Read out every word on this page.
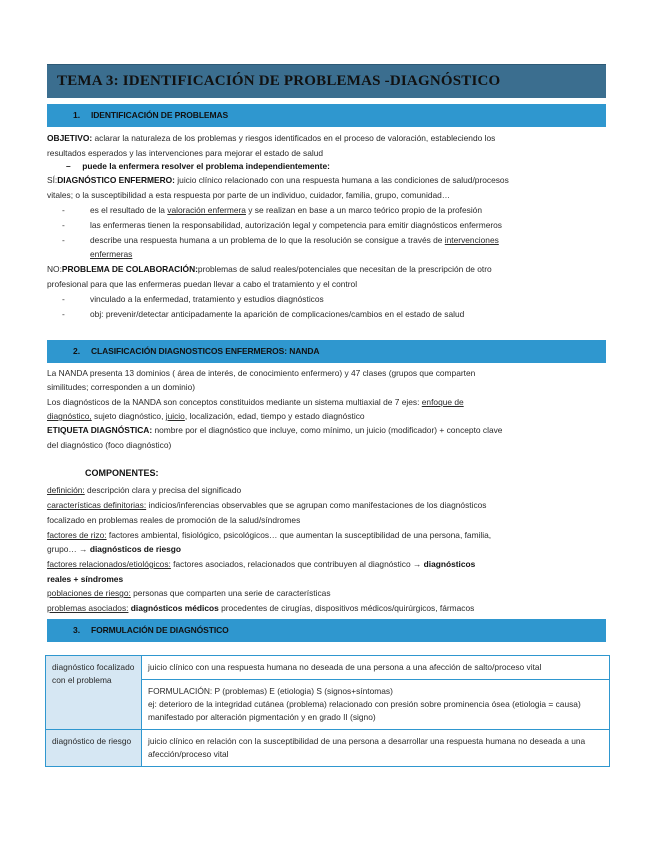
TEMA 3: IDENTIFICACIÓN DE PROBLEMAS -DIAGNÓSTICO
1. IDENTIFICACIÓN DE PROBLEMAS
OBJETIVO: aclarar la naturaleza de los problemas y riesgos identificados en el proceso de valoración, estableciendo los
resultados esperados y las intervenciones para mejorar el estado de salud
–     puede la enfermera resolver el problema independientemente:
SÍ:DIAGNÓSTICO ENFERMERO: juicio clínico relacionado con una respuesta humana a las condiciones de salud/procesos
vitales; o la susceptibilidad a esta respuesta por parte de un individuo, cuidador, familia, grupo, comunidad…
-	es el resultado de la valoración enfermera y se realizan en base a un marco teórico propio de la profesión
-	las enfermeras tienen la responsabilidad, autorización legal y competencia para emitir diagnósticos enfermeros
-	describe una respuesta humana a un problema de lo que la resolución se consigue a través de intervenciones
enfermeras
NO:PROBLEMA DE COLABORACIÓN:problemas de salud reales/potenciales que necesitan de la prescripción de otro
profesional para que las enfermeras puedan llevar a cabo el tratamiento y el control
-	vinculado a la enfermedad, tratamiento y estudios diagnósticos
-	obj: prevenir/detectar anticipadamente la aparición de complicaciones/cambios en el estado de salud
2. CLASIFICACIÓN DIAGNOSTICOS ENFERMEROS: NANDA
La NANDA presenta 13 dominios ( área de interés, de conocimiento enfermero) y 47 clases (grupos que comparten
similitudes; corresponden a un dominio)
Los diagnósticos de la NANDA son conceptos constituidos mediante un sistema multiaxial de 7 ejes: enfoque de
diagnóstico, sujeto diagnóstico, juicio, localización, edad, tiempo y estado diagnóstico
ETIQUETA DIAGNÓSTICA: nombre por el diagnóstico que incluye, como mínimo, un juicio (modificador) + concepto clave
del diagnóstico (foco diagnóstico)
COMPONENTES:
definición: descripción clara y precisa del significado
características definitorias: indicios/inferencias observables que se agrupan como manifestaciones de los diagnósticos
focalizado en problemas reales de promoción de la salud/síndromes
factores de rizo: factores ambiental, fisiológico, psicológicos… que aumentan la susceptibilidad de una persona, familia,
grupo… → diagnósticos de riesgo
factores relacionados/etiológicos: factores asociados, relacionados que contribuyen al diagnóstico → diagnósticos
reales + síndromes
poblaciones de riesgo: personas que comparten una serie de características
problemas asociados: diagnósticos médicos procedentes de cirugías, dispositivos médicos/quirúrgicos, fármacos
3. FORMULACIÓN DE DIAGNÓSTICO
diagnóstico focalizado con el problema	juicio clínico con una respuesta humana no deseada de una persona a una afección de salto/proceso vital

	FORMULACIÓN: P (problemas) E (etiologia) S (signos+síntomas)
ej: deterioro de la integridad cutánea (problema) relacionado con presión sobre prominencia ósea (etiologia = causa) manifestado por alteración pigmentación y en grado II (signo)

diagnóstico de riesgo	juicio clínico en relación con la susceptibilidad de una persona a desarrollar una respuesta humana no deseada a una afección/proceso vital
